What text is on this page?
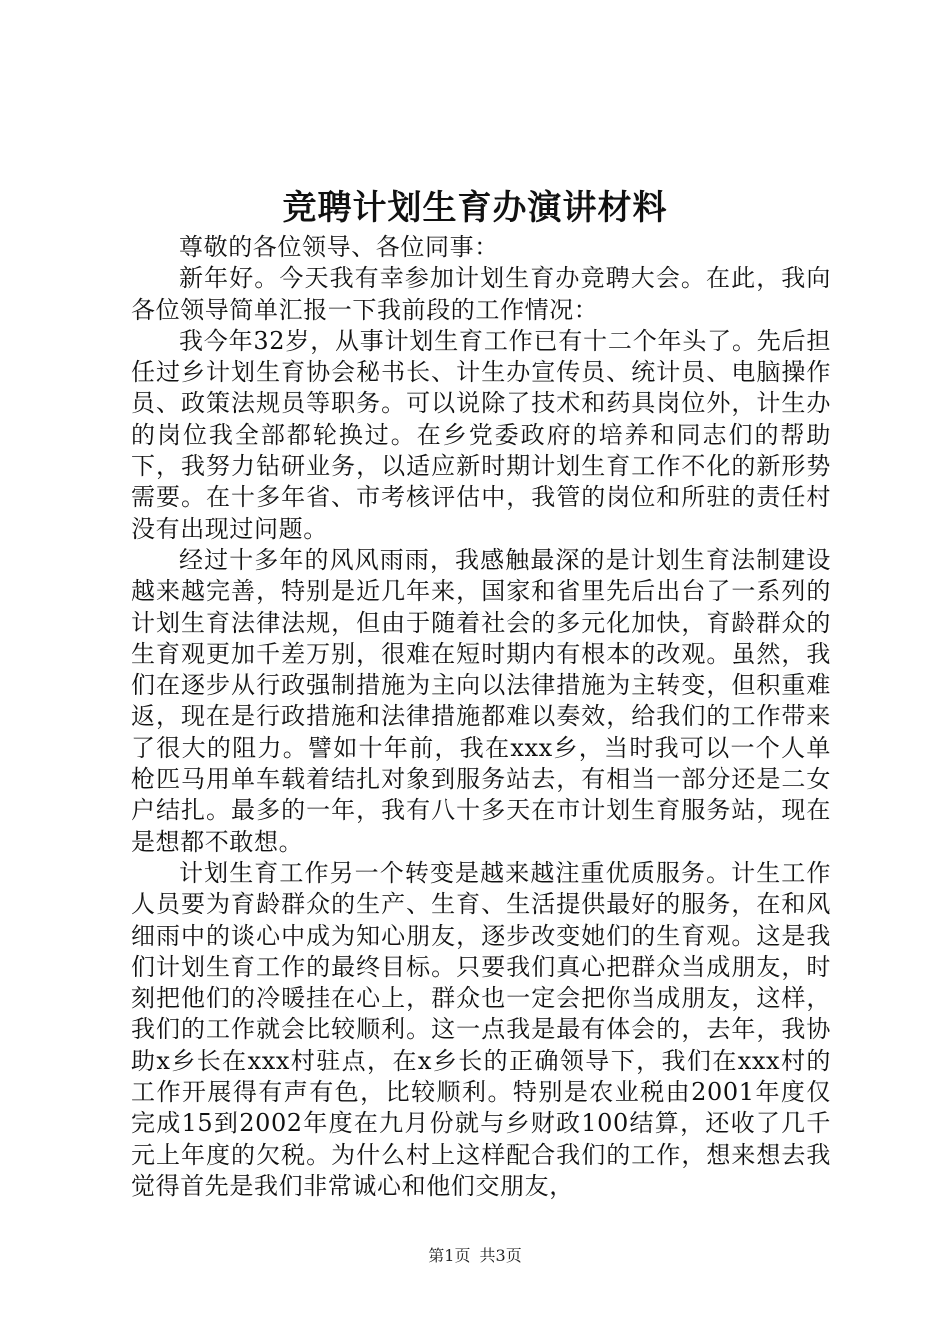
竞聘计划生育办演讲材料

尊敬的各位领导、各位同事：

新年好。今天我有幸参加计划生育办竞聘大会。在此，我向各位领导简单汇报一下我前段的工作情况：

我今年32岁，从事计划生育工作已有十二个年头了。先后担任过乡计划生育协会秘书长、计生办宣传员、统计员、电脑操作员、政策法规员等职务。可以说除了技术和药具岗位外，计生办的岗位我全部都轮换过。在乡党委政府的培养和同志们的帮助下，我努力钻研业务，以适应新时期计划生育工作不化的新形势需要。在十多年省、市考核评估中，我管的岗位和所驻的责任村没有出现过问题。

经过十多年的风风雨雨，我感触最深的是计划生育法制建设越来越完善，特别是近几年来，国家和省里先后出台了一系列的计划生育法律法规，但由于随着社会的多元化加快，育龄群众的生育观更加千差万别，很难在短时期内有根本的改观。虽然，我们在逐步从行政强制措施为主向以法律措施为主转变，但积重难返，现在是行政措施和法律措施都难以奏效，给我们的工作带来了很大的阻力。譬如十年前，我在xxx乡，当时我可以一个人单枪匹马用单车载着结扎对象到服务站去，有相当一部分还是二女户结扎。最多的一年，我有八十多天在市计划生育服务站，现在是想都不敢想。

计划生育工作另一个转变是越来越注重优质服务。计生工作人员要为育龄群众的生产、生育、生活提供最好的服务，在和风细雨中的谈心中成为知心朋友，逐步改变她们的生育观。这是我们计划生育工作的最终目标。只要我们真心把群众当成朋友，时刻把他们的冷暖挂在心上，群众也一定会把你当成朋友，这样，我们的工作就会比较顺利。这一点我是最有体会的，去年，我协助x乡长在xxx村驻点，在x乡长的正确领导下，我们在xxx村的工作开展得有声有色，比较顺利。特别是农业税由2001年度仅完成15到2002年度在九月份就与乡财政100结算，还收了几千元上年度的欠税。为什么村上这样配合我们的工作，想来想去我觉得首先是我们非常诚心和他们交朋友，

第1页 共3页
